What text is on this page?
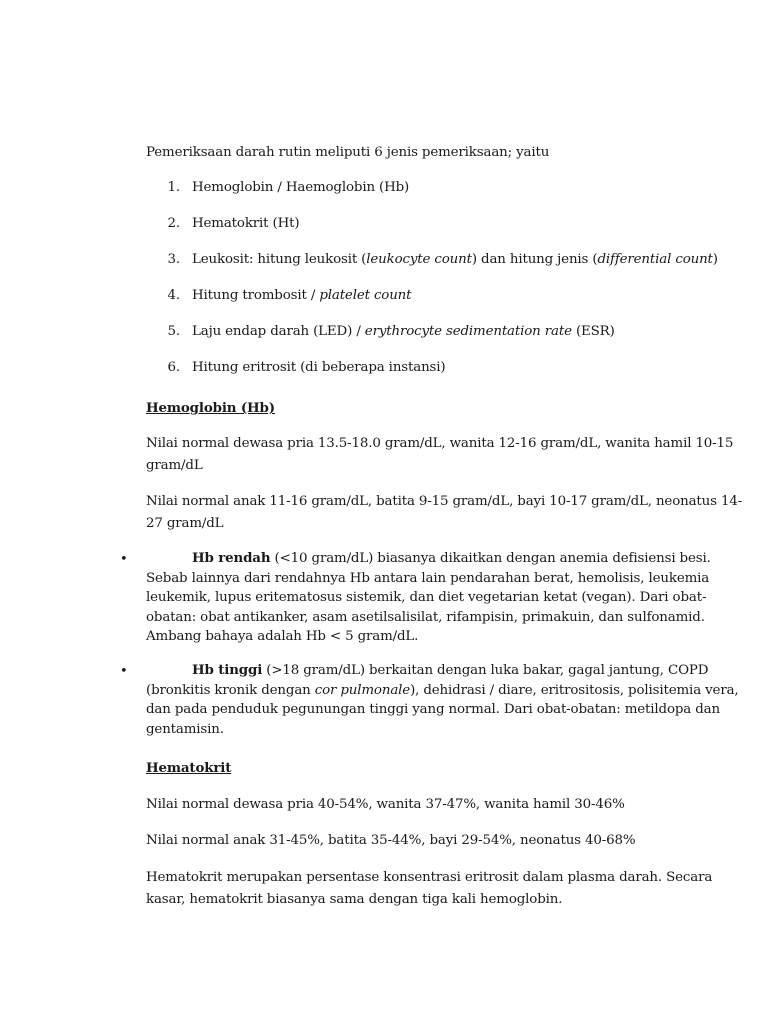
Pemeriksaan darah rutin meliputi 6 jenis pemeriksaan; yaitu
1. Hemoglobin / Haemoglobin (Hb)
2. Hematokrit (Ht)
3. Leukosit: hitung leukosit (leukocyte count) dan hitung jenis (differential count)
4. Hitung trombosit / platelet count
5. Laju endap darah (LED) / erythrocyte sedimentation rate (ESR)
6. Hitung eritrosit (di beberapa instansi)
Hemoglobin (Hb)
Nilai normal dewasa pria 13.5-18.0 gram/dL, wanita 12-16 gram/dL, wanita hamil 10-15
gram/dL
Nilai normal anak 11-16 gram/dL, batita 9-15 gram/dL, bayi 10-17 gram/dL, neonatus 14-
27 gram/dL
•	Hb rendah (<10 gram/dL) biasanya dikaitkan dengan anemia defisiensi besi.
Sebab lainnya dari rendahnya Hb antara lain pendarahan berat, hemolisis, leukemia
leukemik, lupus eritematosus sistemik, dan diet vegetarian ketat (vegan). Dari obat-
obatan: obat antikanker, asam asetilsalisilat, rifampisin, primakuin, dan sulfonamid.
Ambang bahaya adalah Hb < 5 gram/dL.
•	Hb tinggi (>18 gram/dL) berkaitan dengan luka bakar, gagal jantung, COPD
(bronkitis kronik dengan cor pulmonale), dehidrasi / diare, eritrositosis, polisitemia vera,
dan pada penduduk pegunungan tinggi yang normal. Dari obat-obatan: metildopa dan
gentamisin.
Hematokrit
Nilai normal dewasa pria 40-54%, wanita 37-47%, wanita hamil 30-46%
Nilai normal anak 31-45%, batita 35-44%, bayi 29-54%, neonatus 40-68%
Hematokrit merupakan persentase konsentrasi eritrosit dalam plasma darah. Secara
kasar, hematokrit biasanya sama dengan tiga kali hemoglobin.
